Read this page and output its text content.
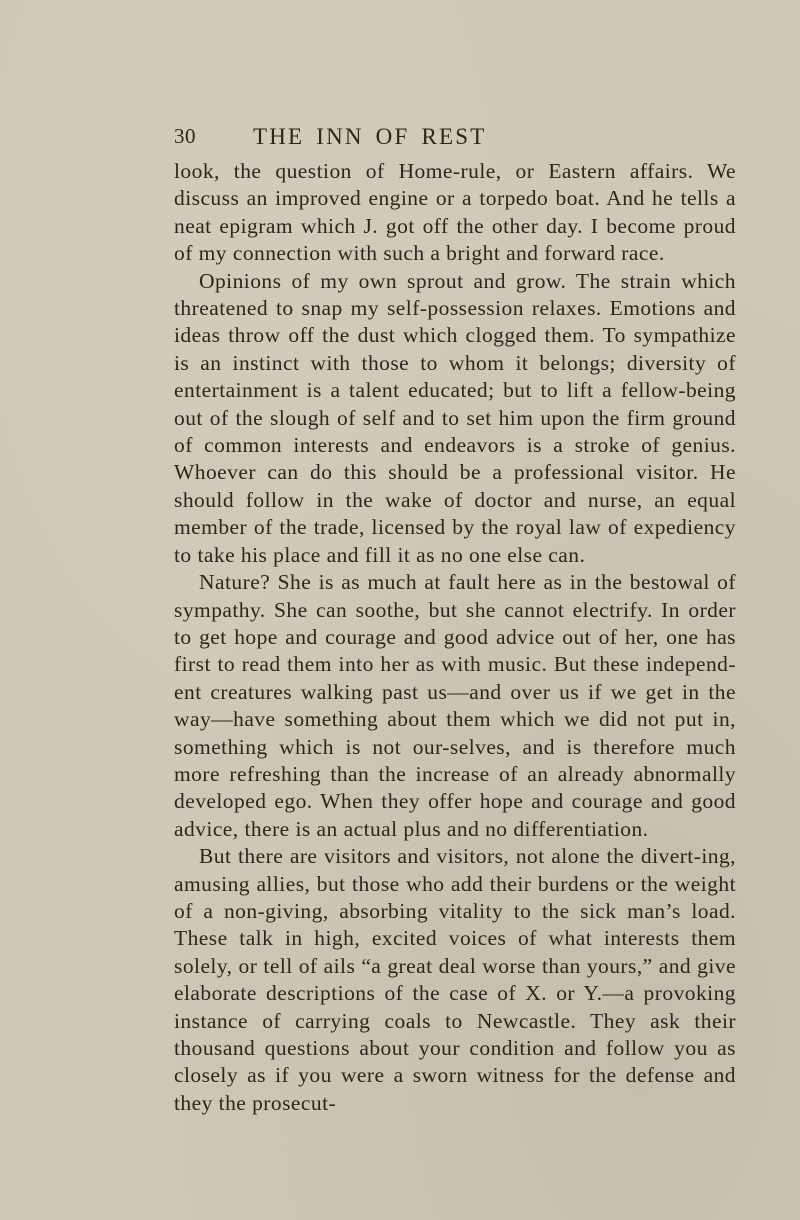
30 THE INN OF REST

look, the question of Home-rule, or Eastern affairs. We discuss an improved engine or a torpedo boat. And he tells a neat epigram which J. got off the other day. I become proud of my connection with such a bright and forward race.

Opinions of my own sprout and grow. The strain which threatened to snap my self-possession relaxes. Emotions and ideas throw off the dust which clogged them. To sympathize is an instinct with those to whom it belongs; diversity of entertainment is a talent educated; but to lift a fellow-being out of the slough of self and to set him upon the firm ground of common interests and endeavors is a stroke of genius. Whoever can do this should be a professional visitor. He should follow in the wake of doctor and nurse, an equal member of the trade, licensed by the royal law of expediency to take his place and fill it as no one else can.

Nature? She is as much at fault here as in the bestowal of sympathy. She can soothe, but she cannot electrify. In order to get hope and courage and good advice out of her, one has first to read them into her as with music. But these independ-ent creatures walking past us—and over us if we get in the way—have something about them which we did not put in, something which is not our-selves, and is therefore much more refreshing than the increase of an already abnormally developed ego. When they offer hope and courage and good advice, there is an actual plus and no differentiation.

But there are visitors and visitors, not alone the divert-ing, amusing allies, but those who add their burdens or the weight of a non-giving, absorbing vitality to the sick man’s load. These talk in high, excited voices of what interests them solely, or tell of ails “a great deal worse than yours,” and give elaborate descriptions of the case of X. or Y.—a provoking instance of carrying coals to Newcastle. They ask their thousand questions about your condition and follow you as closely as if you were a sworn witness for the defense and they the prosecut-
